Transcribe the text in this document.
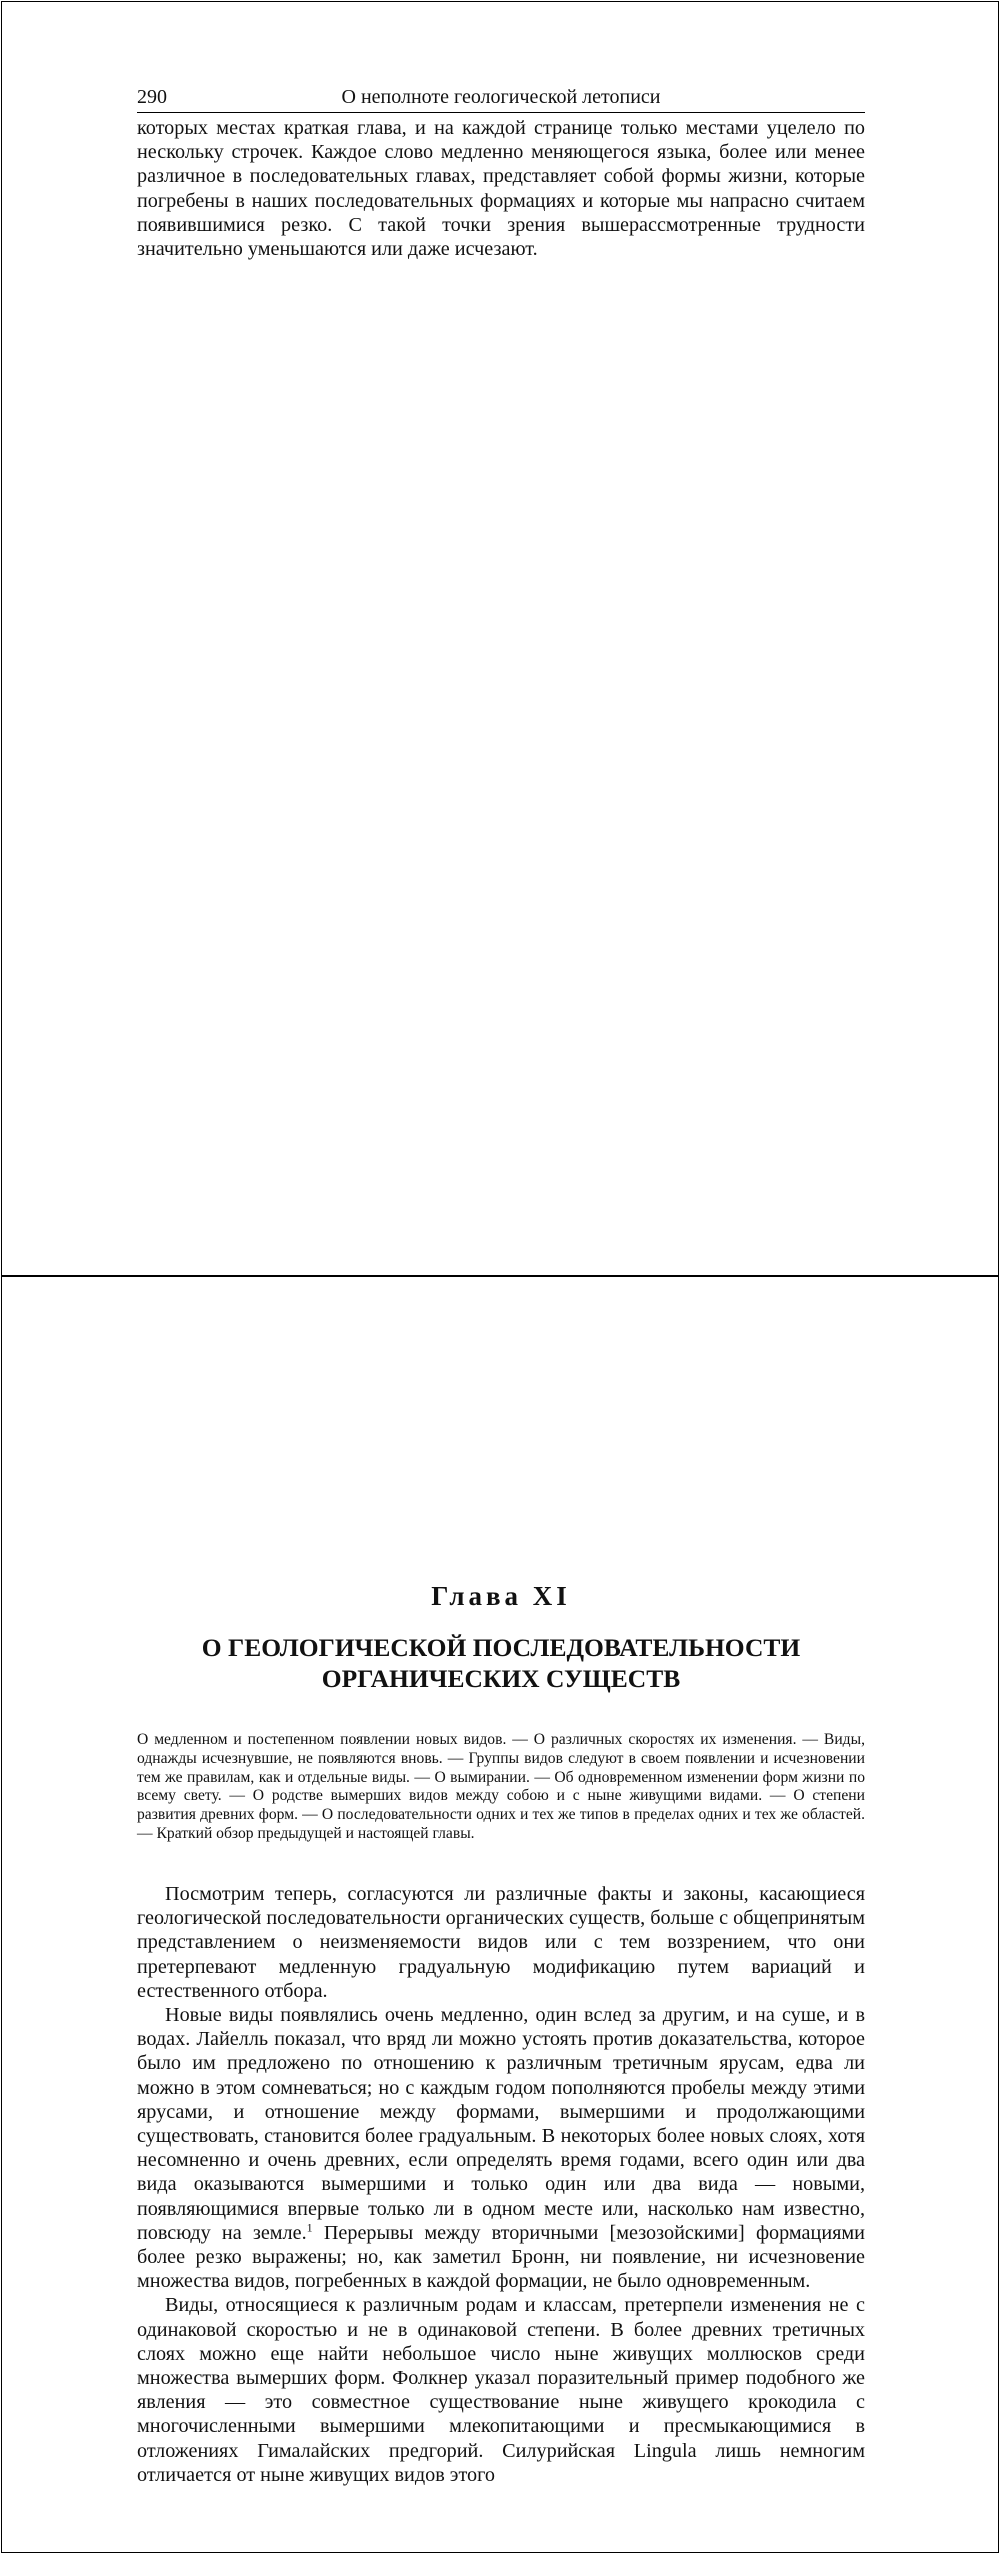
290	О неполноте геологической летописи

которых местах краткая глава, и на каждой странице только местами уцелело по нескольку строчек. Каждое слово медленно меняющегося языка, более или менее различное в последовательных главах, представляет собой формы жизни, которые погребены в наших последовательных формациях и которые мы напрасно считаем появившимися резко. С такой точки зрения вышерассмотренные трудности значительно уменьшаются или даже исчезают.

Глава XI
О ГЕОЛОГИЧЕСКОЙ ПОСЛЕДОВАТЕЛЬНОСТИ
ОРГАНИЧЕСКИХ СУЩЕСТВ

О медленном и постепенном появлении новых видов. — О различных скоростях их изменения. — Виды, однажды исчезнувшие, не появляются вновь. — Группы видов следуют в своем появлении и исчезновении тем же правилам, как и отдельные виды. — О вымирании. — Об одновременном изменении форм жизни по всему свету. — О родстве вымерших видов между собою и с ныне живущими видами. — О степени развития древних форм. — О последовательности одних и тех же типов в пределах одних и тех же областей. — Краткий обзор предыдущей и настоящей главы.

Посмотрим теперь, согласуются ли различные факты и законы, касающиеся геологической последовательности органических существ, больше с общепринятым представлением о неизменяемости видов или с тем воззрением, что они претерпевают медленную градуальную модификацию путем вариаций и естественного отбора.

Новые виды появлялись очень медленно, один вслед за другим, и на суше, и в водах. Лайелль показал, что вряд ли можно устоять против доказательства, которое было им предложено по отношению к различным третичным ярусам, едва ли можно в этом сомневаться; но с каждым годом пополняются пробелы между этими ярусами, и отношение между формами, вымершими и продолжающими существовать, становится более градуальным. В некоторых более новых слоях, хотя несомненно и очень древних, если определять время годами, всего один или два вида оказываются вымершими и только один или два вида — новыми, появляющимися впервые только ли в одном месте или, насколько нам известно, повсюду на земле.$^1$ Перерывы между вторичными [мезозойскими] формациями более резко выражены; но, как заметил Бронн, ни появление, ни исчезновение множества видов, погребенных в каждой формации, не было одновременным.

Виды, относящиеся к различным родам и классам, претерпели изменения не с одинаковой скоростью и не в одинаковой степени. В более древних третичных слоях можно еще найти небольшое число ныне живущих моллюсков среди множества вымерших форм. Фолкнер указал поразительный пример подобного же явления — это совместное существование ныне живущего крокодила с многочисленными вымершими млекопитающими и пресмыкающимися в отложениях Гималайских предгорий. Силурийская Lingula лишь немногим отличается от ныне живущих видов этого
